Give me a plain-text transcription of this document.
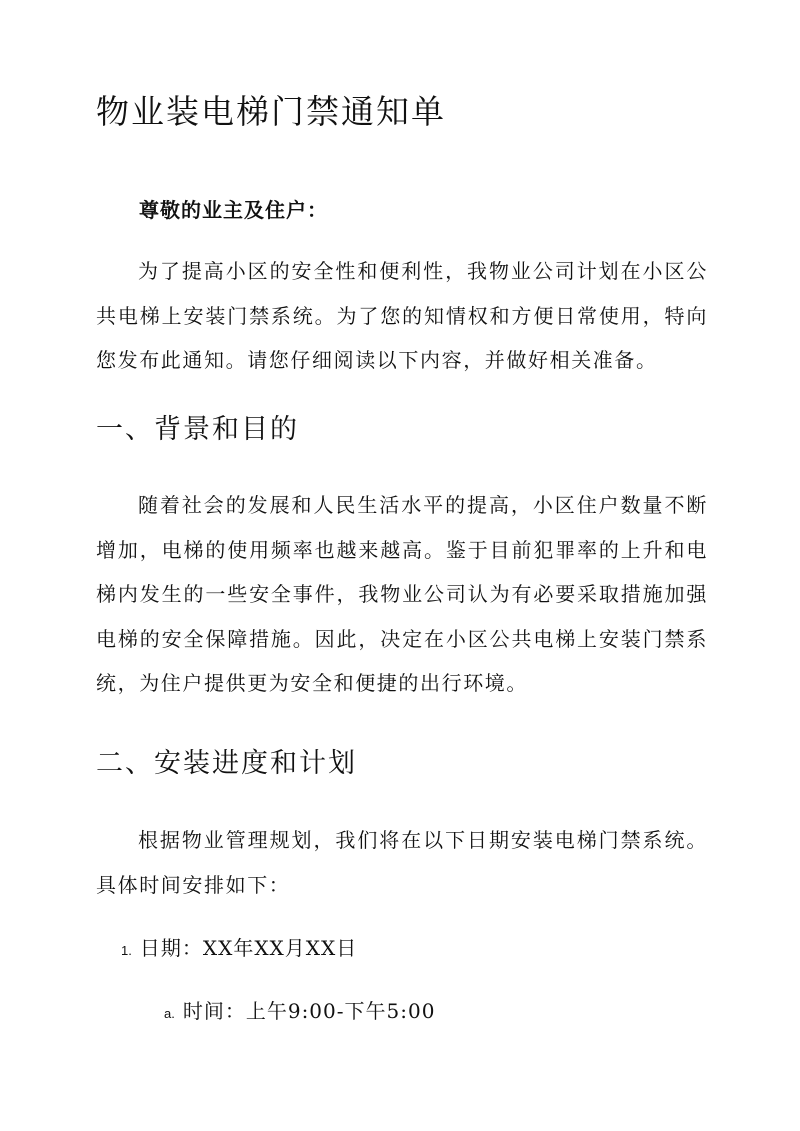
物业装电梯门禁通知单

尊敬的业主及住户：

为了提高小区的安全性和便利性，我物业公司计划在小区公共电梯上安装门禁系统。为了您的知情权和方便日常使用，特向您发布此通知。请您仔细阅读以下内容，并做好相关准备。

一、背景和目的

随着社会的发展和人民生活水平的提高，小区住户数量不断增加，电梯的使用频率也越来越高。鉴于目前犯罪率的上升和电梯内发生的一些安全事件，我物业公司认为有必要采取措施加强电梯的安全保障措施。因此，决定在小区公共电梯上安装门禁系统，为住户提供更为安全和便捷的出行环境。

二、安装进度和计划

根据物业管理规划，我们将在以下日期安装电梯门禁系统。具体时间安排如下：

1. 日期：XX年XX月XX日
a. 时间：上午9:00-下午5:00
